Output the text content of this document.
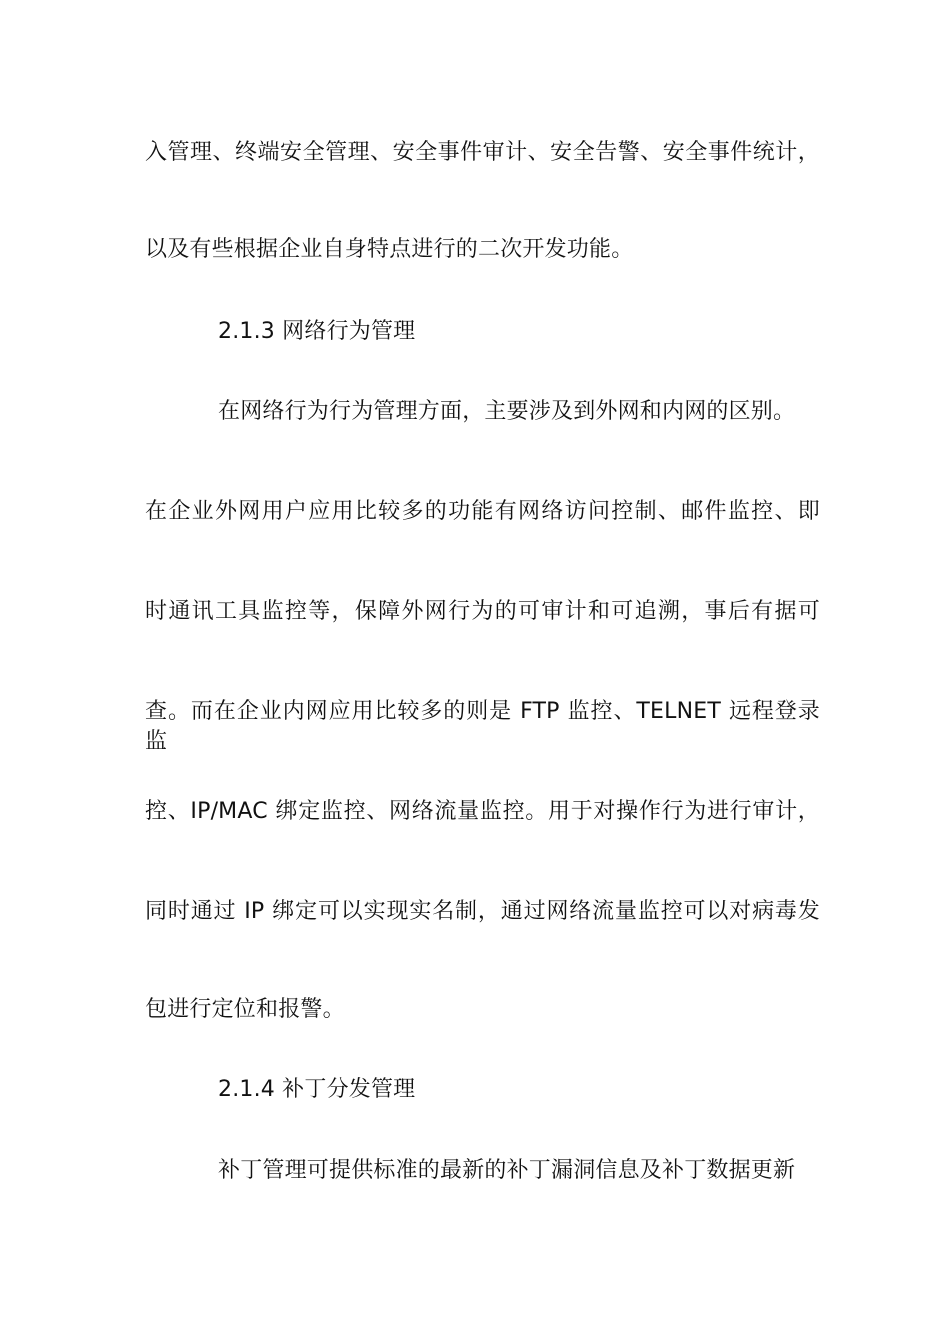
入管理、终端安全管理、安全事件审计、安全告警、安全事件统计，
以及有些根据企业自身特点进行的二次开发功能。
2.1.3 网络行为管理
在网络行为行为管理方面，主要涉及到外网和内网的区别。
在企业外网用户应用比较多的功能有网络访问控制、邮件监控、即
时通讯工具监控等，保障外网行为的可审计和可追溯，事后有据可
查。而在企业内网应用比较多的则是 FTP 监控、TELNET 远程登录监
控、IP/MAC 绑定监控、网络流量监控。用于对操作行为进行审计，
同时通过 IP 绑定可以实现实名制，通过网络流量监控可以对病毒发
包进行定位和报警。
2.1.4 补丁分发管理
补丁管理可提供标准的最新的补丁漏洞信息及补丁数据更新
